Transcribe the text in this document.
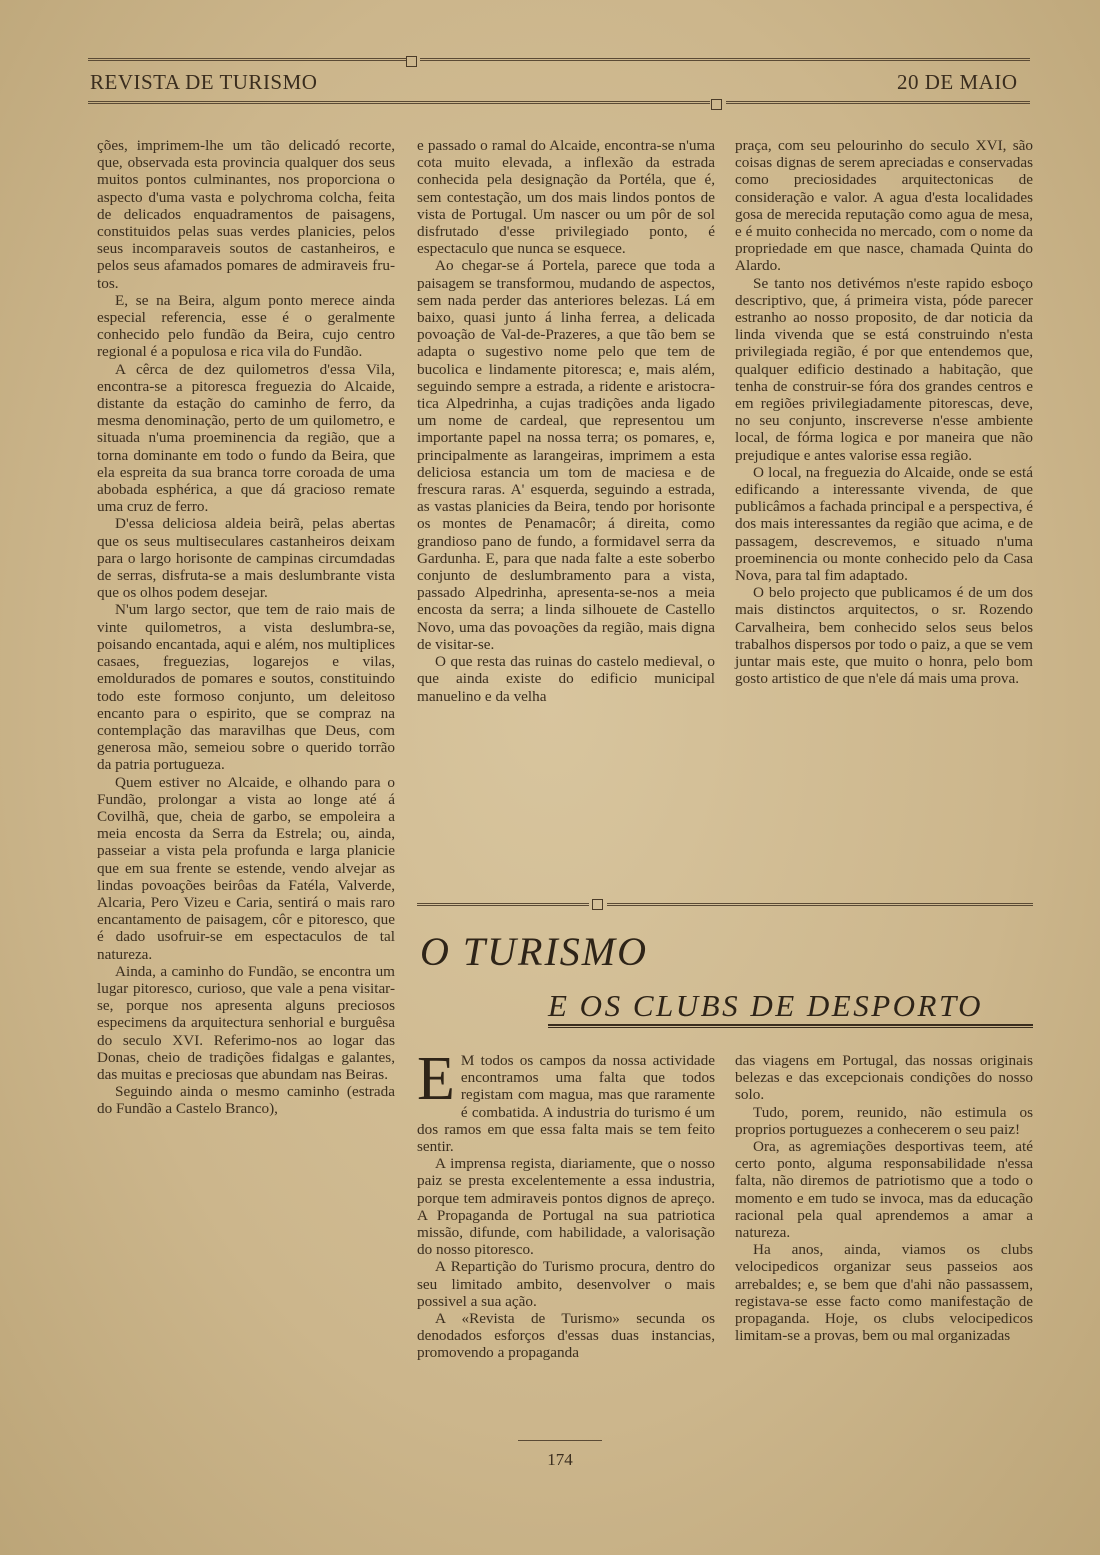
REVISTA DE TURISMO	20 DE MAIO

ções, imprimem-lhe um tão delicadó recorte, que, observada esta provincia qualquer dos seus muitos pontos culminantes, nos proporciona o aspecto d'uma vasta e polychroma colcha, feita de delicados enquadramentos de paisagens, constituidos pelas suas verdes planicies, pelos seus incomparaveis soutos de castanheiros, e pelos seus afamados pomares de admiraveis frutos.

E, se na Beira, algum ponto merece ainda especial referencia, esse é o geralmente conhecido pelo fundão da Beira, cujo centro regional é a populosa e rica vila do Fundão.

A cêrca de dez quilometros d'essa Vila, encontra-se a pitoresca freguezia do Alcaide, distante da estação do caminho de ferro, da mesma denominação, perto de um quilometro, e situada n'uma proeminencia da região, que a torna dominante em todo o fundo da Beira, que ela espreita da sua branca torre coroada de uma abobada esphérica, a que dá gracioso remate uma cruz de ferro.

D'essa deliciosa aldeia beirã, pelas abertas que os seus multiseculares castanheiros deixam para o largo horisonte de campinas circumdadas de serras, disfruta-se a mais deslumbrante vista que os olhos podem desejar.

N'um largo sector, que tem de raio mais de vinte quilometros, a vista deslumbra-se, poisando encantada, aqui e além, nos multiplices casaes, freguezias, logarejos e vilas, emoldurados de pomares e soutos, constituindo todo este formoso conjunto, um deleitoso encanto para o espirito, que se compraz na contemplação das maravilhas que Deus, com generosa mão, semeiou sobre o querido torrão da patria portugueza.

Quem estiver no Alcaide, e olhando para o Fundão, prolongar a vista ao longe até á Covilhã, que, cheia de garbo, se empoleira a meia encosta da Serra da Estrela; ou, ainda, passeiar a vista pela profunda e larga planicie que em sua frente se estende, vendo alvejar as lindas povoações beirôas da Fatéla, Valverde, Alcaria, Pero Vizeu e Caria, sentirá o mais raro encantamento de paisagem, côr e pitoresco, que é dado usofruir-se em espectaculos de tal natureza.

Ainda, a caminho do Fundão, se encontra um lugar pitoresco, curioso, que vale a pena visitar-se, porque nos apresenta alguns preciosos especimens da arquitectura senhorial e burguêsa do seculo XVI. Referimo-nos ao logar das Donas, cheio de tradições fidalgas e galantes, das muitas e preciosas que abundam nas Beiras.

Seguindo ainda o mesmo caminho (estrada do Fundão a Castelo Branco),

e passado o ramal do Alcaide, encontra-se n'uma cota muito elevada, a inflexão da estrada conhecida pela designação da Portéla, que é, sem contestação, um dos mais lindos pontos de vista de Portugal. Um nascer ou um pôr de sol disfrutado d'esse privilegiado ponto, é espectaculo que nunca se esquece.

Ao chegar-se á Portela, parece que toda a paisagem se transformou, mudando de aspectos, sem nada perder das anteriores belezas. Lá em baixo, quasi junto á linha ferrea, a delicada povoação de Val-de-Prazeres, a que tão bem se adapta o sugestivo nome pelo que tem de bucolica e lindamente pitoresca; e, mais além, seguindo sempre a estrada, a ridente e aristocratica Alpedrinha, a cujas tradições anda ligado um nome de cardeal, que representou um importante papel na nossa terra; os pomares, e, principalmente as larangeiras, imprimem a esta deliciosa estancia um tom de maciesa e de frescura raras. A' esquerda, seguindo a estrada, as vastas planicies da Beira, tendo por horisonte os montes de Penamacôr; á direita, como grandioso pano de fundo, a formidavel serra da Gardunha. E, para que nada falte a este soberbo conjunto de deslumbramento para a vista, passado Alpedrinha, apresenta-se-nos a meia encosta da serra; a linda silhouete de Castello Novo, uma das povoações da região, mais digna de visitar-se.

O que resta das ruinas do castelo medieval, o que ainda existe do edificio municipal manuelino e da velha

praça, com seu pelourinho do seculo XVI, são coisas dignas de serem apreciadas e conservadas como preciosidades arquitectonicas de consideração e valor. A agua d'esta localidades gosa de merecida reputação como agua de mesa, e é muito conhecida no mercado, com o nome da propriedade em que nasce, chamada Quinta do Alardo.

Se tanto nos detivémos n'este rapido esboço descriptivo, que, á primeira vista, póde parecer estranho ao nosso proposito, de dar noticia da linda vivenda que se está construindo n'esta privilegiada região, é por que entendemos que, qualquer edificio destinado a habitação, que tenha de construir-se fóra dos grandes centros e em regiões privilegiadamente pitorescas, deve, no seu conjunto, inscreverse n'esse ambiente local, de fórma logica e por maneira que não prejudique e antes valorise essa região.

O local, na freguezia do Alcaide, onde se está edificando a interessante vivenda, de que publicâmos a fachada principal e a perspectiva, é dos mais interessantes da região que acima, e de passagem, descrevemos, e situado n'uma proeminencia ou monte conhecido pelo da Casa Nova, para tal fim adaptado.

O belo projecto que publicamos é de um dos mais distinctos arquitectos, o sr. Rozendo Carvalheira, bem conhecido selos seus belos trabalhos dispersos por todo o paiz, a que se vem juntar mais este, que muito o honra, pelo bom gosto artistico de que n'ele dá mais uma prova.

O TURISMO
E OS CLUBS DE DESPORTO

E M todos os campos da nossa actividade encontramos uma falta que todos registam com magua, mas que raramente é combatida. A industria do turismo é um dos ramos em que essa falta mais se tem feito sentir.

A imprensa regista, diariamente, que o nosso paiz se presta excelentemente a essa industria, porque tem admiraveis pontos dignos de apreço. A Propaganda de Portugal na sua patriotica missão, difunde, com habilidade, a valorisação do nosso pitoresco.

A Repartição do Turismo procura, dentro do seu limitado ambito, desenvolver o mais possivel a sua ação.

A «Revista de Turismo» secunda os denodados esforços d'essas duas instancias, promovendo a propaganda

das viagens em Portugal, das nossas originais belezas e das excepcionais condições do nosso solo.

Tudo, porem, reunido, não estimula os proprios portuguezes a conhecerem o seu paiz!

Ora, as agremiações desportivas teem, até certo ponto, alguma responsabilidade n'essa falta, não diremos de patriotismo que a todo o momento e em tudo se invoca, mas da educação racional pela qual aprendemos a amar a natureza.

Ha anos, ainda, viamos os clubs velocipedicos organizar seus passeios aos arrebaldes; e, se bem que d'ahi não passassem, registava-se esse facto como manifestação de propaganda. Hoje, os clubs velocipedicos limitam-se a provas, bem ou mal organizadas

174
